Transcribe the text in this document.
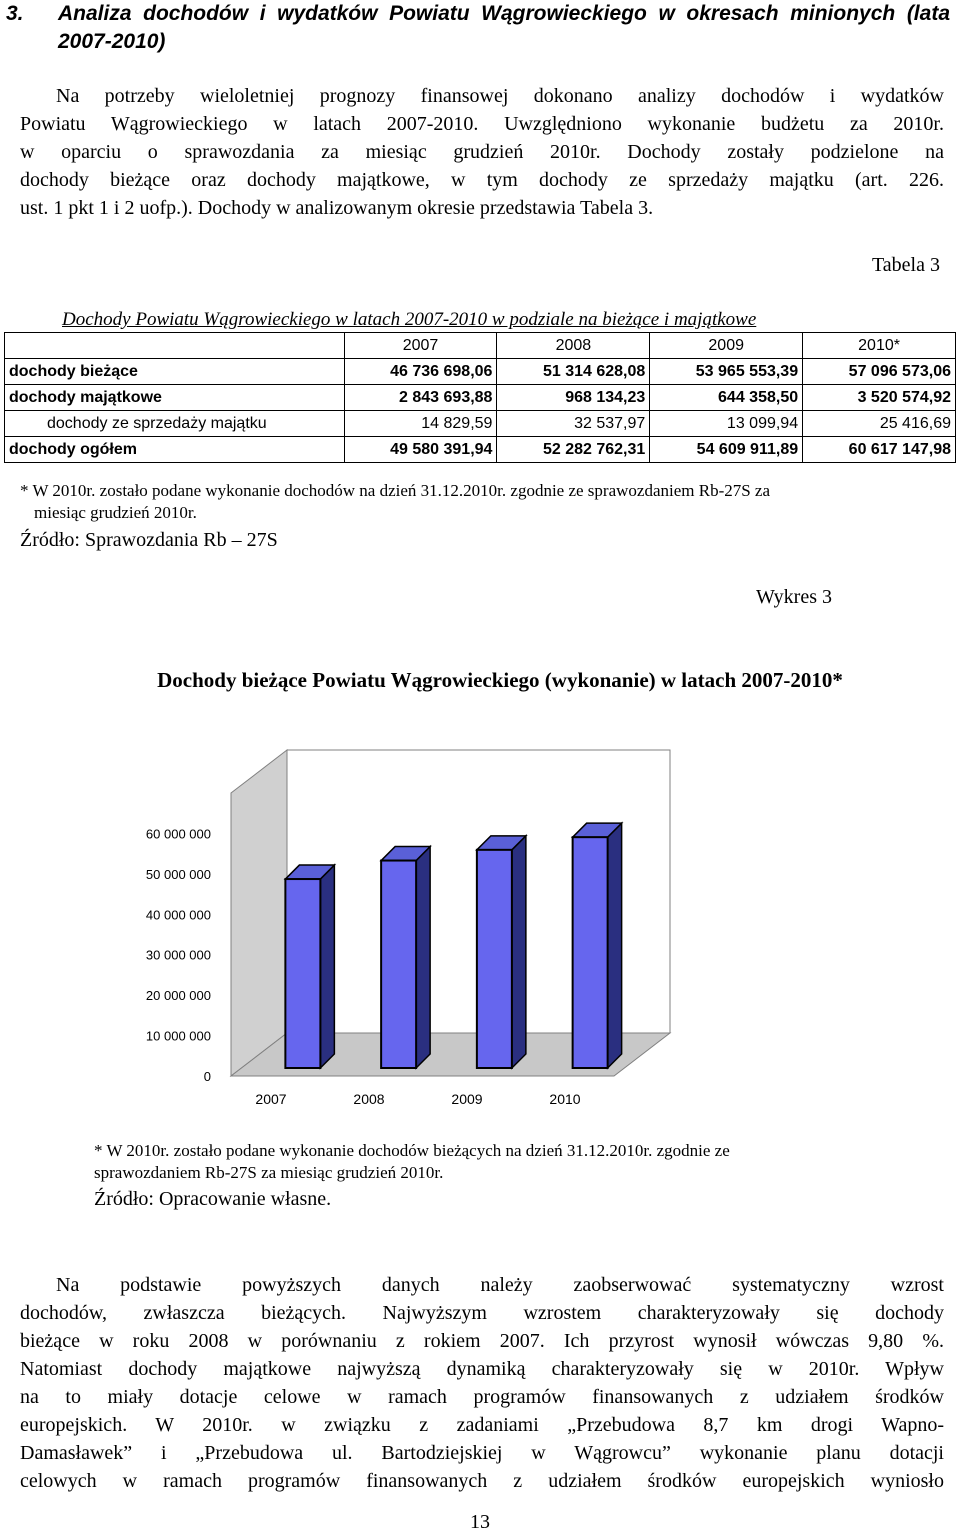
3. Analiza dochodów i wydatków Powiatu Wągrowieckiego w okresach minionych (lata
2007-2010)
Na potrzeby wieloletniej prognozy finansowej dokonano analizy dochodów i wydatków
Powiatu Wągrowieckiego w latach 2007-2010. Uwzględniono wykonanie budżetu za 2010r.
w oparciu o sprawozdania za miesiąc grudzień 2010r. Dochody zostały podzielone na
dochody bieżące oraz dochody majątkowe, w tym dochody ze sprzedaży majątku (art. 226.
ust. 1 pkt 1 i 2 uofp.). Dochody w analizowanym okresie przedstawia Tabela 3.
Tabela 3
Dochody Powiatu Wągrowieckiego w latach 2007-2010 w podziale na bieżące i majątkowe
	2007	2008	2009	2010*
dochody bieżące	46 736 698,06	51 314 628,08	53 965 553,39	57 096 573,06
dochody majątkowe	2 843 693,88	968 134,23	644 358,50	3 520 574,92
dochody ze sprzedaży majątku	14 829,59	32 537,97	13 099,94	25 416,69
dochody ogółem	49 580 391,94	52 282 762,31	54 609 911,89	60 617 147,98
* W 2010r. zostało podane wykonanie dochodów na dzień 31.12.2010r. zgodnie ze sprawozdaniem Rb-27S za
miesiąc grudzień 2010r.
Źródło: Sprawozdania Rb – 27S
Wykres 3
Dochody bieżące Powiatu Wągrowieckiego (wykonanie) w latach 2007-2010*
0
10 000 000
20 000 000
30 000 000
40 000 000
50 000 000
60 000 000
2007	2008	2009	2010
* W 2010r. zostało podane wykonanie dochodów bieżących na dzień 31.12.2010r. zgodnie ze
sprawozdaniem Rb-27S za miesiąc grudzień 2010r.
Źródło: Opracowanie własne.
Na podstawie powyższych danych należy zaobserwować systematyczny wzrost
dochodów, zwłaszcza bieżących. Najwyższym wzrostem charakteryzowały się dochody
bieżące w roku 2008 w porównaniu z rokiem 2007. Ich przyrost wynosił wówczas 9,80 %.
Natomiast dochody majątkowe najwyższą dynamiką charakteryzowały się w 2010r. Wpływ
na to miały dotacje celowe w ramach programów finansowanych z udziałem środków
europejskich. W 2010r. w związku z zadaniami „Przebudowa 8,7 km drogi Wapno-
Damasławek” i „Przebudowa ul. Bartodziejskiej w Wągrowcu” wykonanie planu dotacji
celowych w ramach programów finansowanych z udziałem środków europejskich wyniosło
13
